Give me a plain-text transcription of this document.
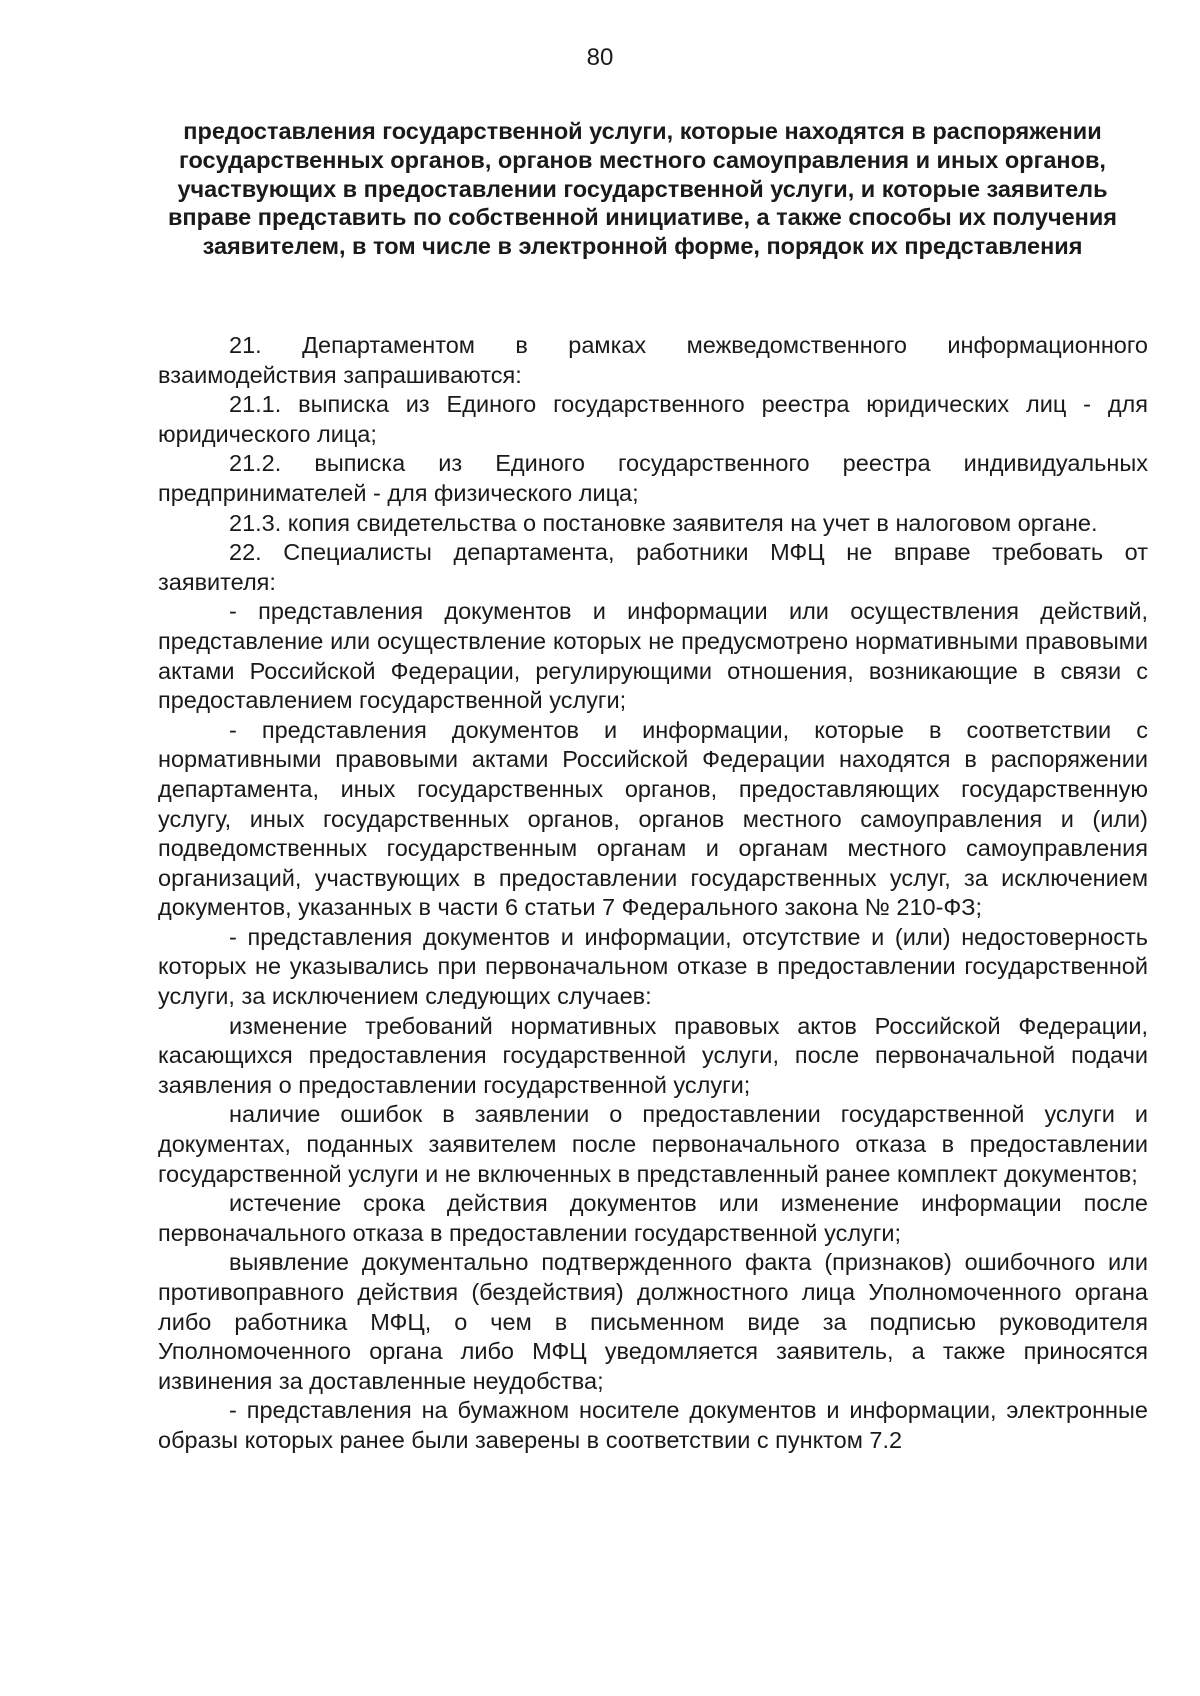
80
предоставления государственной услуги, которые находятся в распоряжении государственных органов, органов местного самоуправления и иных органов, участвующих в предоставлении государственной услуги, и которые заявитель вправе представить по собственной инициативе, а также способы их получения заявителем, в том числе в электронной форме, порядок их представления

21. Департаментом в рамках межведомственного информационного взаимодействия запрашиваются:

21.1. выписка из Единого государственного реестра юридических лиц - для юридического лица;

21.2. выписка из Единого государственного реестра индивидуальных предпринимателей - для физического лица;

21.3. копия свидетельства о постановке заявителя на учет в налоговом органе.

22. Специалисты департамента, работники МФЦ не вправе требовать от заявителя:

- представления документов и информации или осуществления действий, представление или осуществление которых не предусмотрено нормативными правовыми актами Российской Федерации, регулирующими отношения, возникающие в связи с предоставлением государственной услуги;

- представления документов и информации, которые в соответствии с нормативными правовыми актами Российской Федерации находятся в распоряжении департамента, иных государственных органов, предоставляющих государственную услугу, иных государственных органов, органов местного самоуправления и (или) подведомственных государственным органам и органам местного самоуправления организаций, участвующих в предоставлении государственных услуг, за исключением документов, указанных в части 6 статьи 7 Федерального закона № 210-ФЗ;

- представления документов и информации, отсутствие и (или) недостоверность которых не указывались при первоначальном отказе в предоставлении государственной услуги, за исключением следующих случаев:

изменение требований нормативных правовых актов Российской Федерации, касающихся предоставления государственной услуги, после первоначальной подачи заявления о предоставлении государственной услуги;

наличие ошибок в заявлении о предоставлении государственной услуги и документах, поданных заявителем после первоначального отказа в предоставлении государственной услуги и не включенных в представленный ранее комплект документов;

истечение срока действия документов или изменение информации после первоначального отказа в предоставлении государственной услуги;

выявление документально подтвержденного факта (признаков) ошибочного или противоправного действия (бездействия) должностного лица Уполномоченного органа либо работника МФЦ, о чем в письменном виде за подписью руководителя Уполномоченного органа либо МФЦ уведомляется заявитель, а также приносятся извинения за доставленные неудобства;

- представления на бумажном носителе документов и информации, электронные образы которых ранее были заверены в соответствии с пунктом 7.2
